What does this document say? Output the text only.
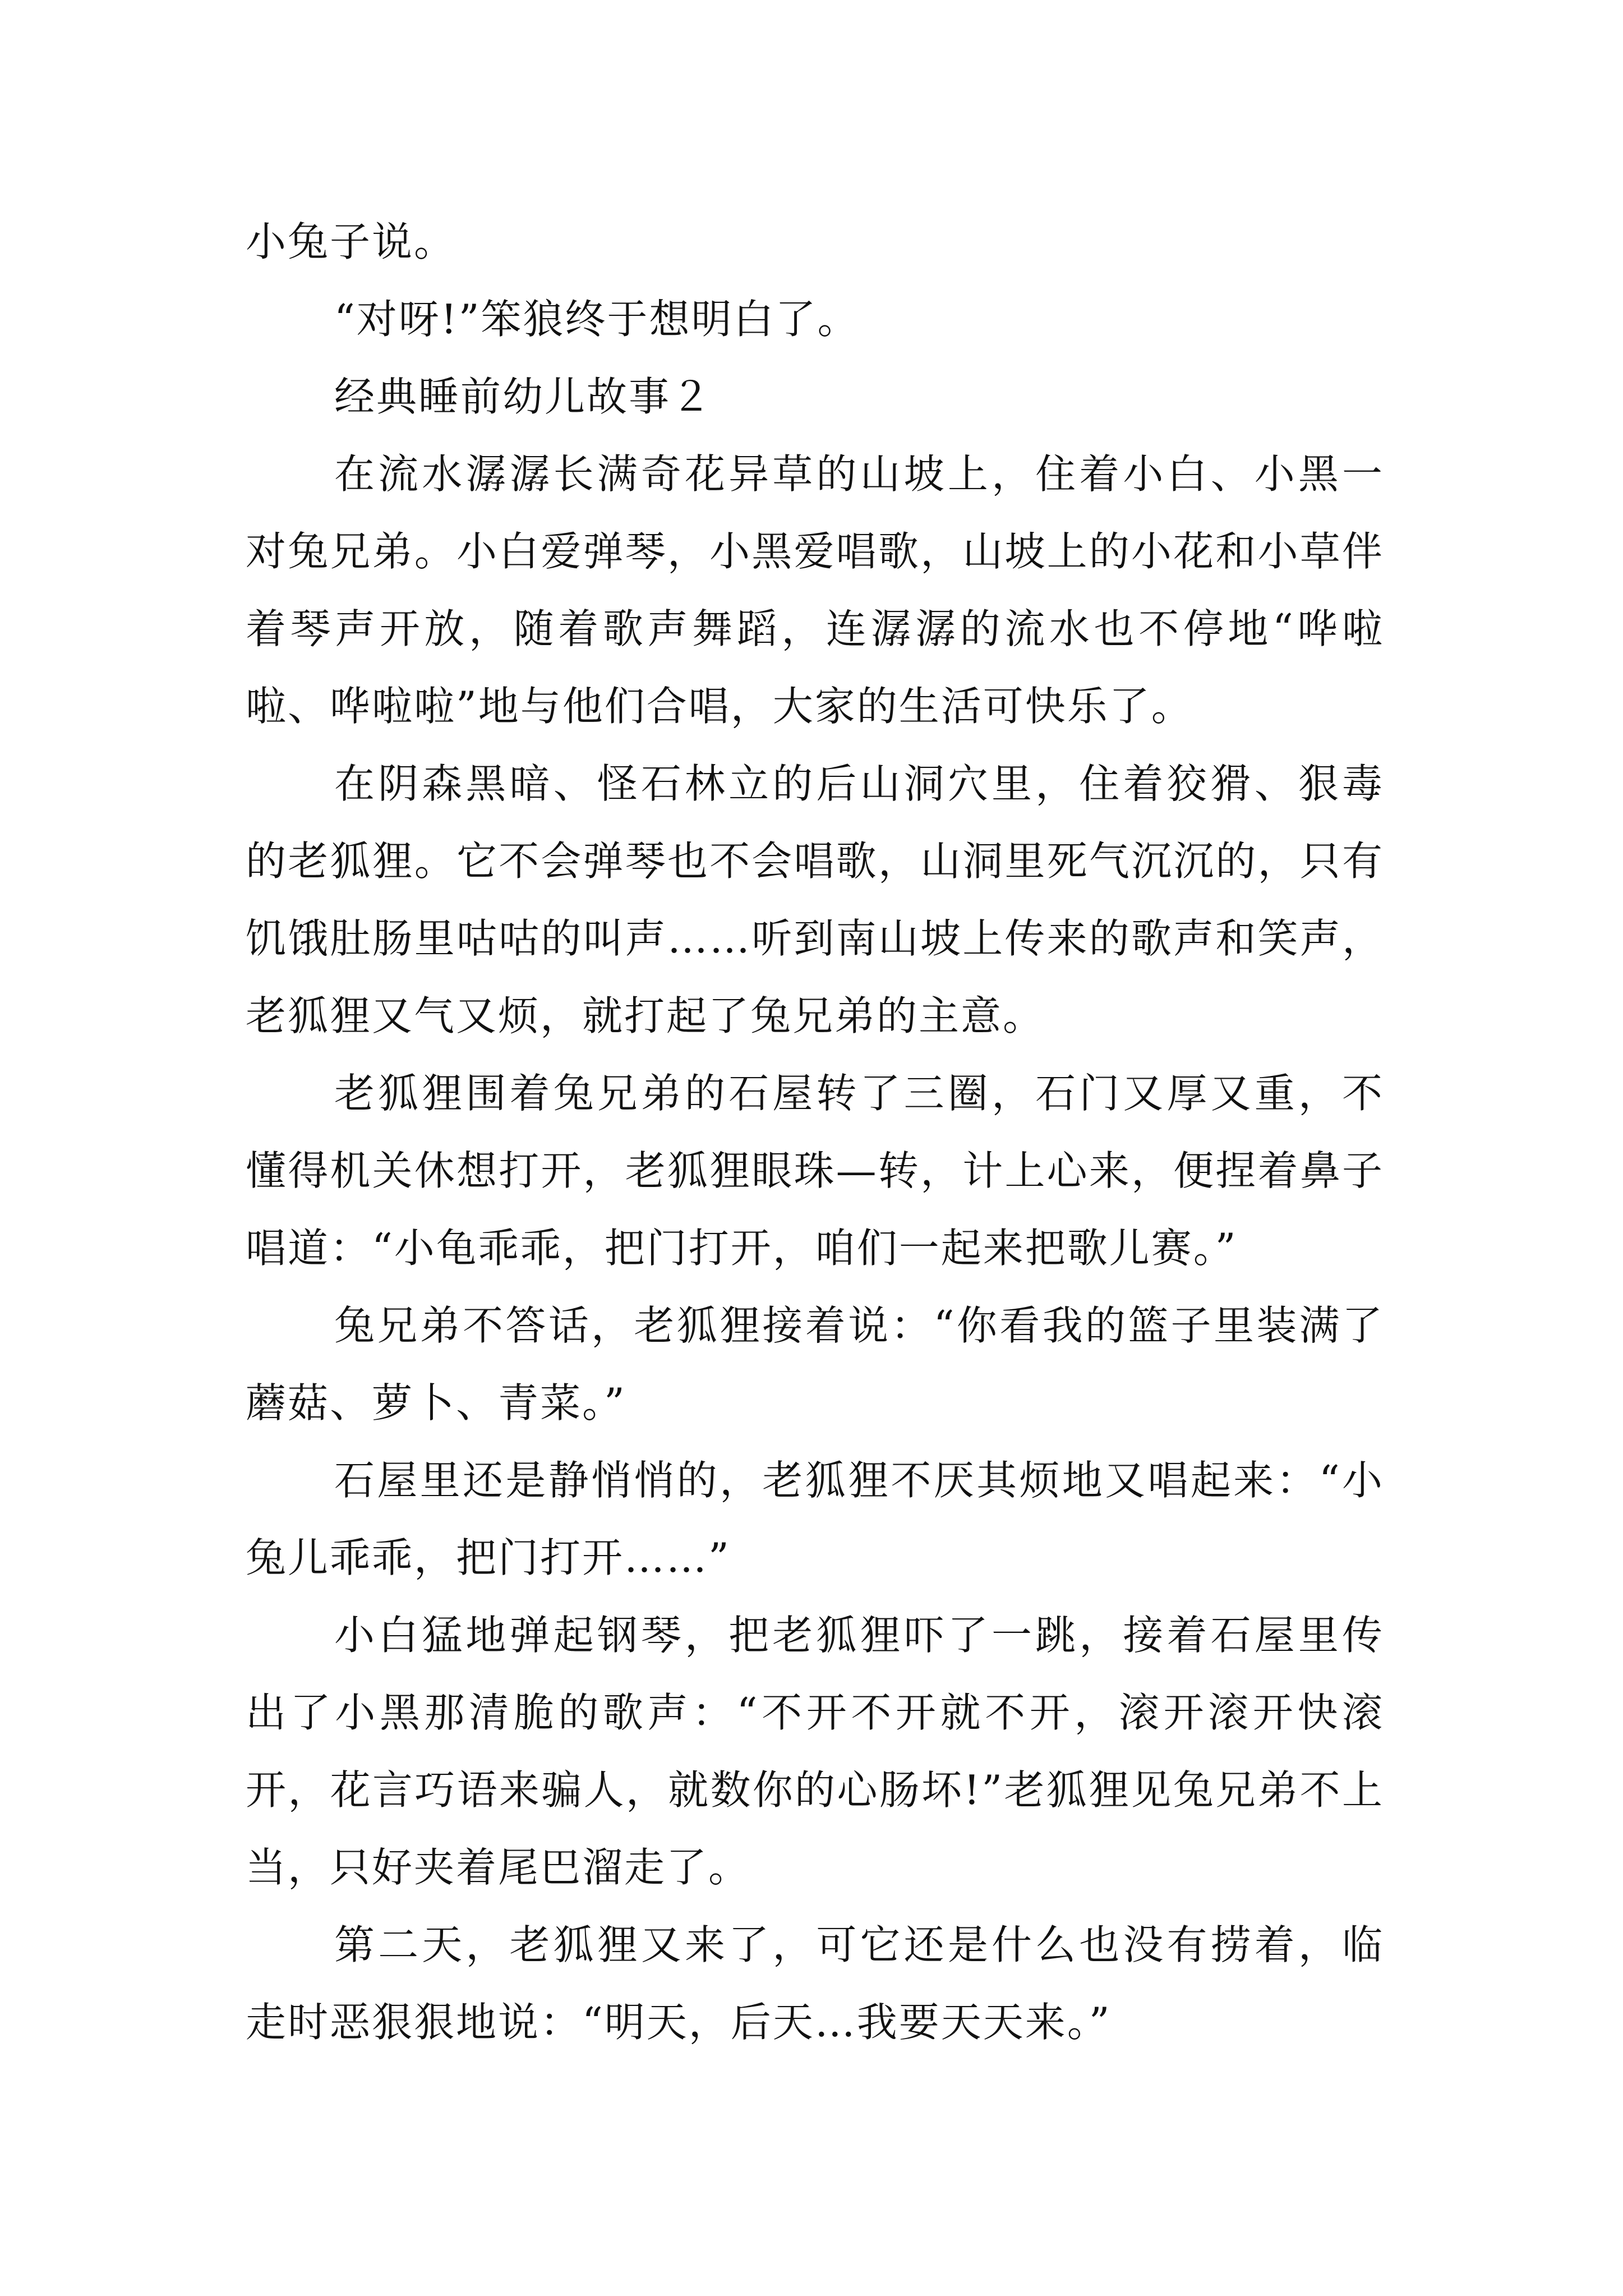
小兔子说。

“对呀!”笨狼终于想明白了。

经典睡前幼儿故事２

在流水潺潺长满奇花异草的山坡上，住着小白、小黑一对兔兄弟。小白爱弹琴，小黑爱唱歌，山坡上的小花和小草伴着琴声开放，随着歌声舞蹈，连潺潺的流水也不停地“哗啦啦、哗啦啦”地与他们合唱，大家的生活可快乐了。

在阴森黑暗、怪石林立的后山洞穴里，住着狡猾、狠毒的老狐狸。它不会弹琴也不会唱歌，山洞里死气沉沉的，只有饥饿肚肠里咕咕的叫声……听到南山坡上传来的歌声和笑声，老狐狸又气又烦，就打起了兔兄弟的主意。

老狐狸围着兔兄弟的石屋转了三圈，石门又厚又重，不懂得机关休想打开，老狐狸眼珠—转，计上心来，便捏着鼻子唱道：“小龟乖乖，把门打开，咱们一起来把歌儿赛。”

兔兄弟不答话，老狐狸接着说：“你看我的篮子里装满了蘑菇、萝卜、青菜。”

石屋里还是静悄悄的，老狐狸不厌其烦地又唱起来：“小兔儿乖乖，把门打开……”

小白猛地弹起钢琴，把老狐狸吓了一跳，接着石屋里传出了小黑那清脆的歌声：“不开不开就不开，滚开滚开快滚开，花言巧语来骗人，就数你的心肠坏!”老狐狸见兔兄弟不上当，只好夹着尾巴溜走了。

第二天，老狐狸又来了，可它还是什么也没有捞着，临走时恶狠狠地说：“明天，后天…我要天天来。”
